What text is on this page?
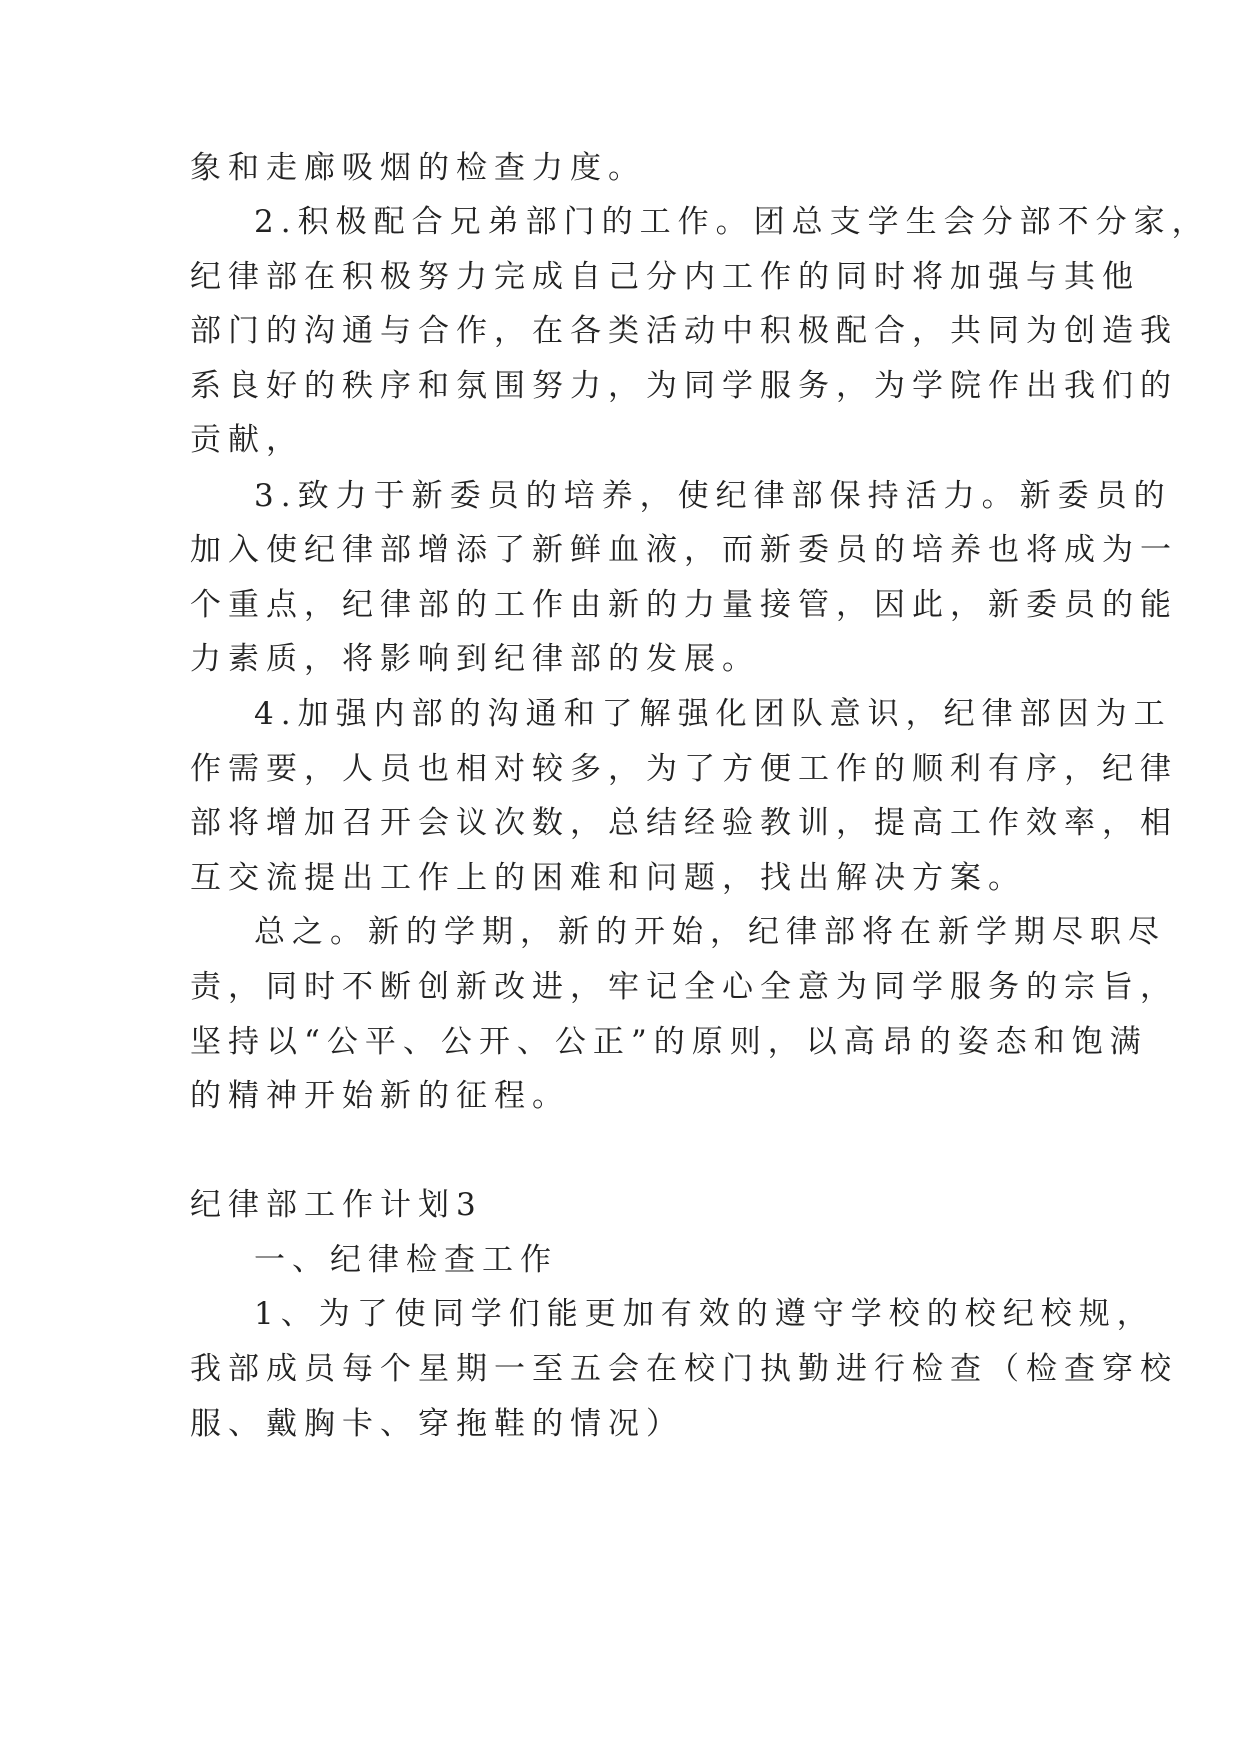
象和走廊吸烟的检查力度。
2.积极配合兄弟部门的工作。团总支学生会分部不分家，
纪律部在积极努力完成自己分内工作的同时将加强与其他
部门的沟通与合作，在各类活动中积极配合，共同为创造我
系良好的秩序和氛围努力，为同学服务，为学院作出我们的
贡献，
3.致力于新委员的培养，使纪律部保持活力。新委员的
加入使纪律部增添了新鲜血液，而新委员的培养也将成为一
个重点，纪律部的工作由新的力量接管，因此，新委员的能
力素质，将影响到纪律部的发展。
4.加强内部的沟通和了解强化团队意识，纪律部因为工
作需要，人员也相对较多，为了方便工作的顺利有序，纪律
部将增加召开会议次数，总结经验教训，提高工作效率，相
互交流提出工作上的困难和问题，找出解决方案。
总之。新的学期，新的开始，纪律部将在新学期尽职尽
责，同时不断创新改进，牢记全心全意为同学服务的宗旨，
坚持以“公平、公开、公正”的原则，以高昂的姿态和饱满
的精神开始新的征程。
纪律部工作计划3
一、纪律检查工作
1、为了使同学们能更加有效的遵守学校的校纪校规，
我部成员每个星期一至五会在校门执勤进行检查（检查穿校
服、戴胸卡、穿拖鞋的情况）
